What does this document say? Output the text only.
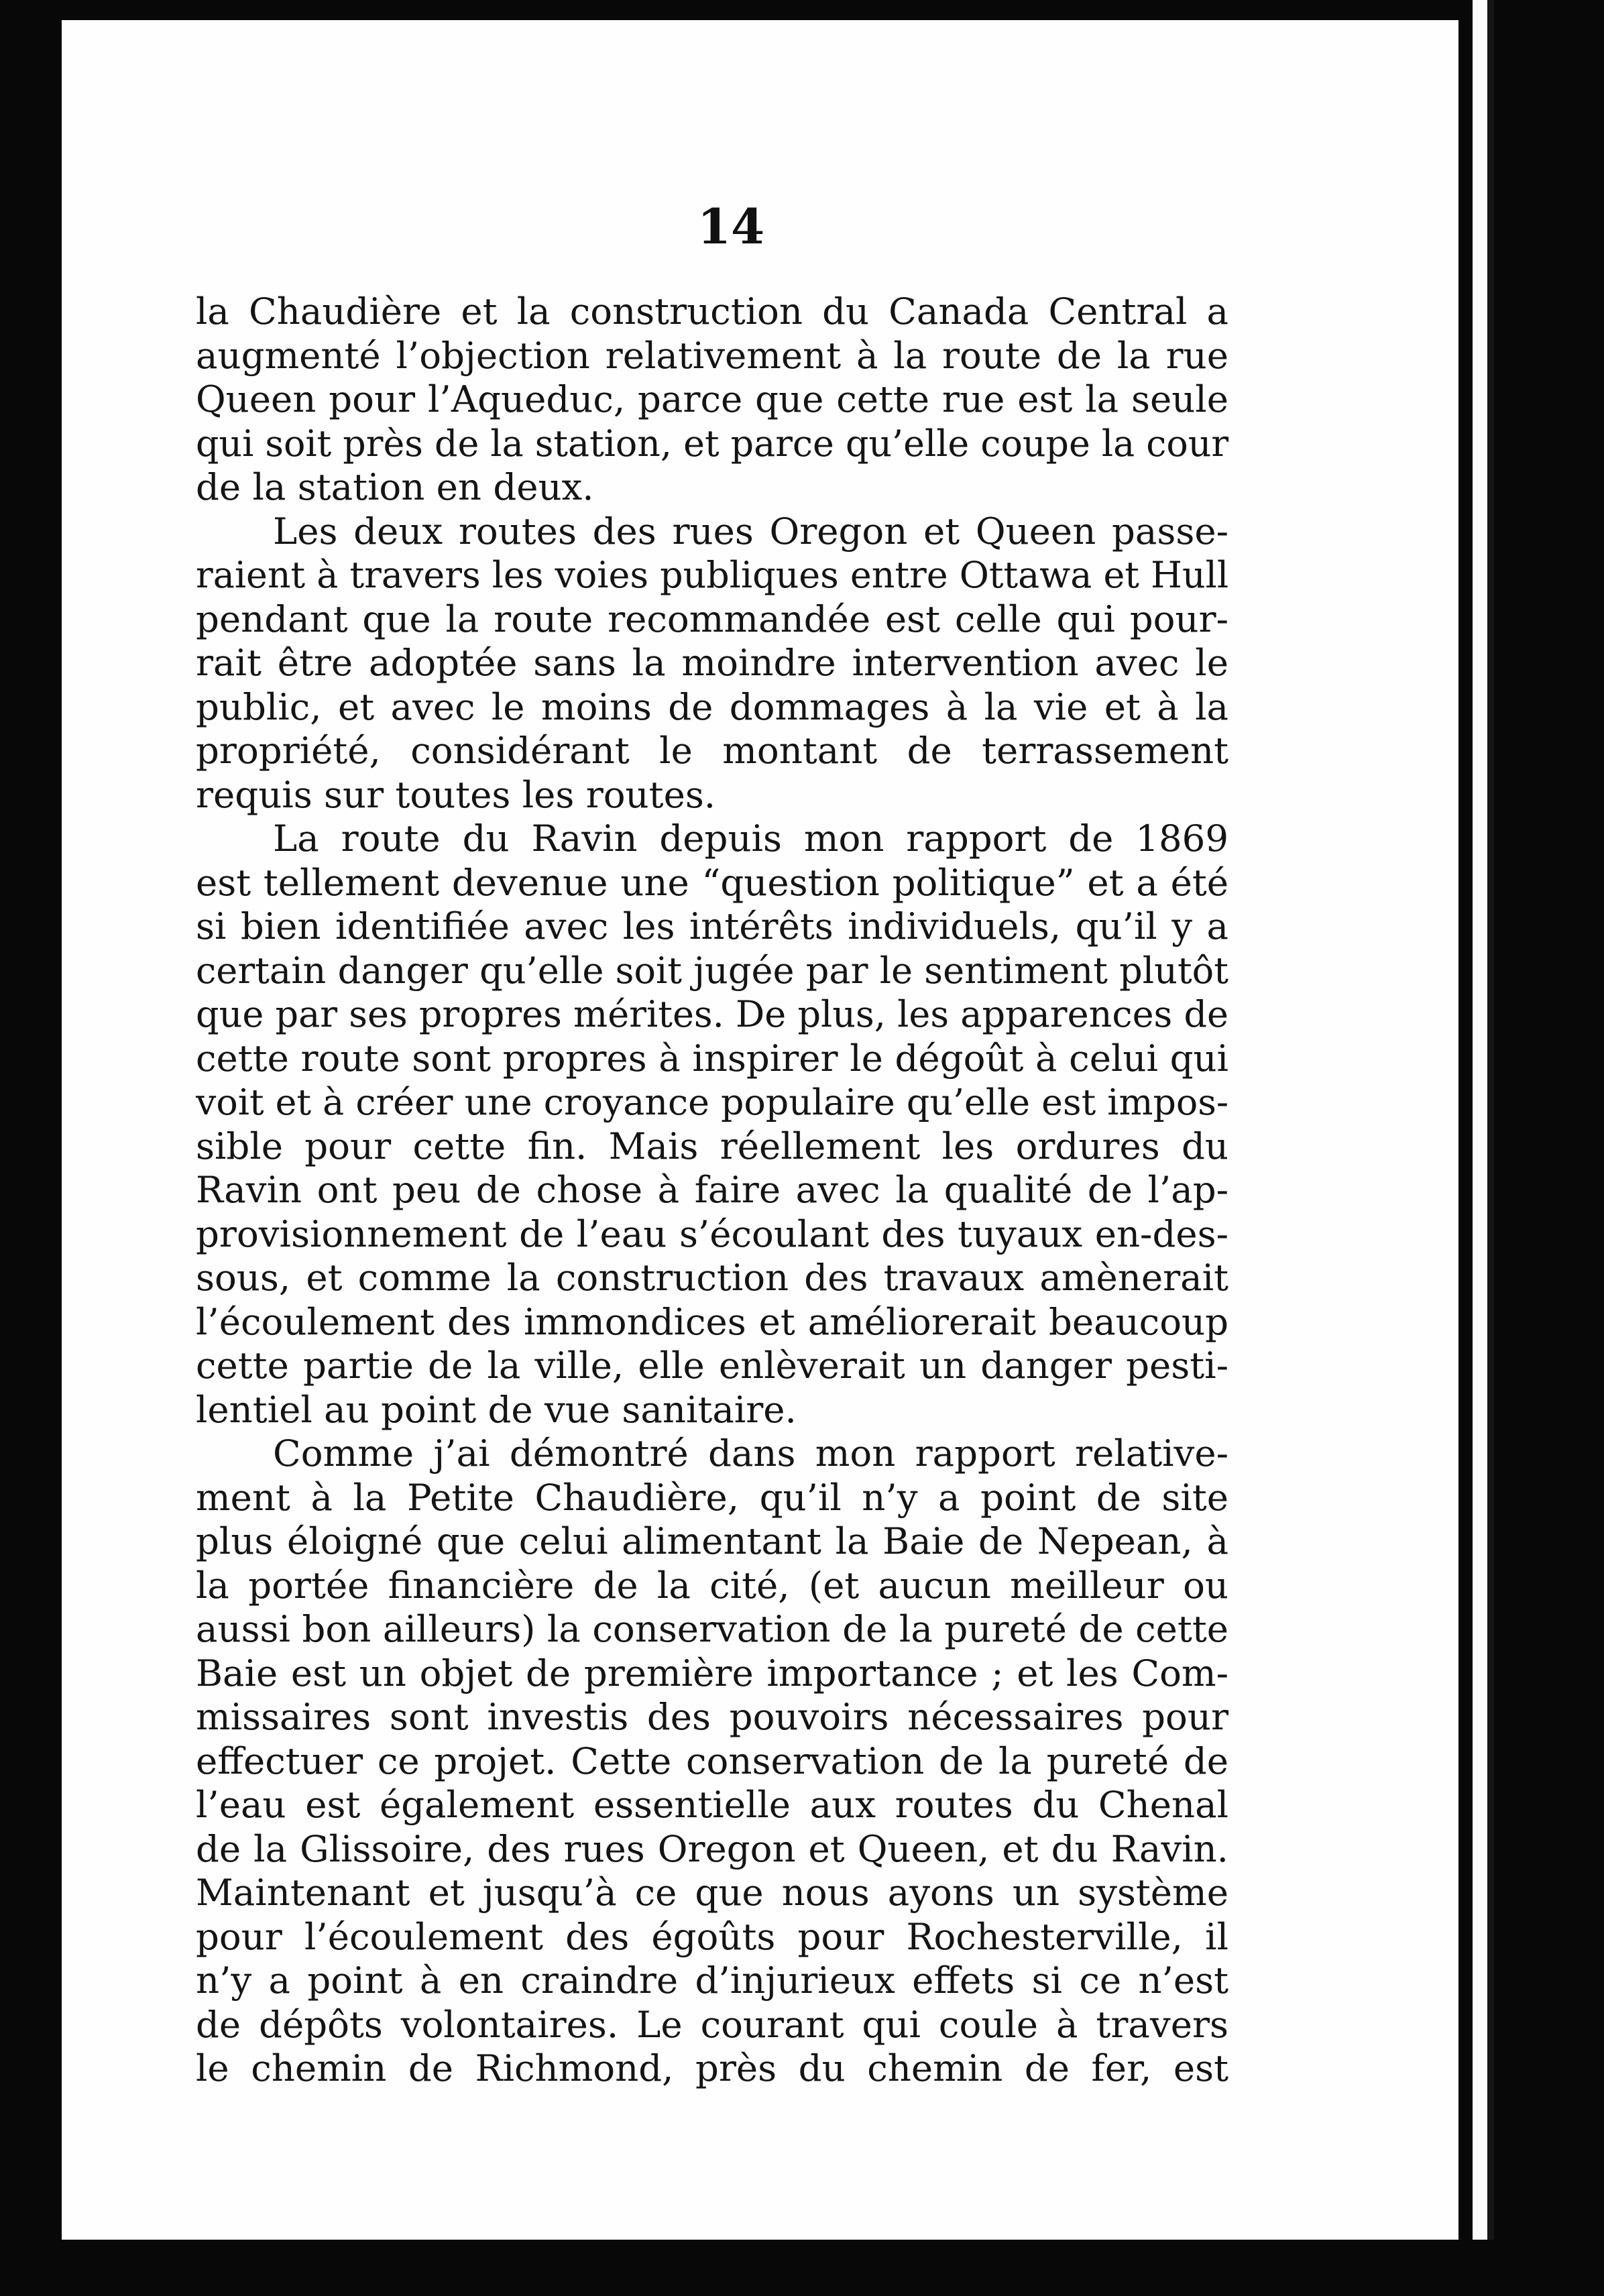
14
la Chaudière et la construction du Canada Central a
augmenté l’objection relativement à la route de la rue
Queen pour l’Aqueduc, parce que cette rue est la seule
qui soit près de la station, et parce qu’elle coupe la cour
de la station en deux.
Les deux routes des rues Oregon et Queen passe-
raient à travers les voies publiques entre Ottawa et Hull
pendant que la route recommandée est celle qui pour-
rait être adoptée sans la moindre intervention avec le
public, et avec le moins de dommages à la vie et à la
propriété, considérant le montant de terrassement
requis sur toutes les routes.
La route du Ravin depuis mon rapport de 1869
est tellement devenue une “question politique” et a été
si bien identifiée avec les intérêts individuels, qu’il y a
certain danger qu’elle soit jugée par le sentiment plutôt
que par ses propres mérites. De plus, les apparences de
cette route sont propres à inspirer le dégoût à celui qui
voit et à créer une croyance populaire qu’elle est impos-
sible pour cette fin. Mais réellement les ordures du
Ravin ont peu de chose à faire avec la qualité de l’ap-
provisionnement de l’eau s’écoulant des tuyaux en-des-
sous, et comme la construction des travaux amènerait
l’écoulement des immondices et améliorerait beaucoup
cette partie de la ville, elle enlèverait un danger pesti-
lentiel au point de vue sanitaire.
Comme j’ai démontré dans mon rapport relative-
ment à la Petite Chaudière, qu’il n’y a point de site
plus éloigné que celui alimentant la Baie de Nepean, à
la portée financière de la cité, (et aucun meilleur ou
aussi bon ailleurs) la conservation de la pureté de cette
Baie est un objet de première importance ; et les Com-
missaires sont investis des pouvoirs nécessaires pour
effectuer ce projet. Cette conservation de la pureté de
l’eau est également essentielle aux routes du Chenal
de la Glissoire, des rues Oregon et Queen, et du Ravin.
Maintenant et jusqu’à ce que nous ayons un système
pour l’écoulement des égoûts pour Rochesterville, il
n’y a point à en craindre d’injurieux effets si ce n’est
de dépôts volontaires. Le courant qui coule à travers
le chemin de Richmond, près du chemin de fer, est
